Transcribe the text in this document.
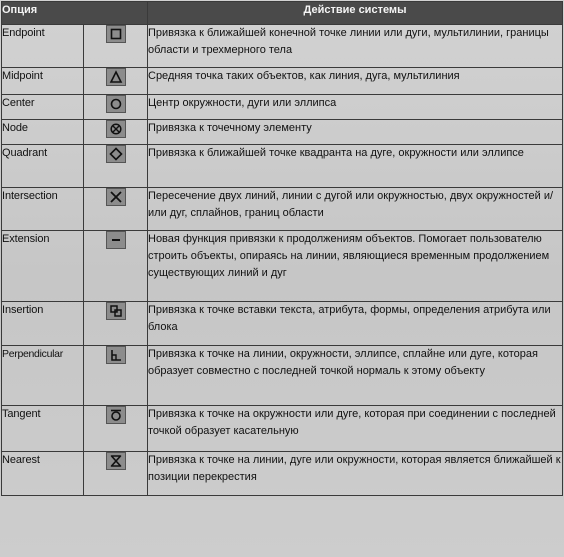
Опция		Действие системы
Endpoint		Привязка к ближайшей конечной точке линии или дуги, мультилинии, границы области и трехмерного тела
Midpoint		Средняя точка таких объектов, как линия, дуга, мультилиния
Center		Центр окружности, дуги или эллипса
Node		Привязка к точечному элементу
Quadrant		Привязка к ближайшей точке квадранта на дуге, окружности или эллипсе
Intersection		Пересечение двух линий, линии с дугой или окружностью, двух окружностей и/или дуг, сплайнов, границ области
Extension		Новая функция привязки к продолжениям объектов. Помогает пользователю строить объекты, опираясь на линии, являющиеся временным продолжением существующих линий и дуг
Insertion		Привязка к точке вставки текста, атрибута, формы, определения атрибута или блока
Perpendicular		Привязка к точке на линии, окружности, эллипсе, сплайне или дуге, которая образует совместно с последней точкой нормаль к этому объекту
Tangent		Привязка к точке на окружности или дуге, которая при соединении с последней точкой образует касательную
Nearest		Привязка к точке на линии, дуге или окружности, которая является ближайшей к позиции перекрестия
